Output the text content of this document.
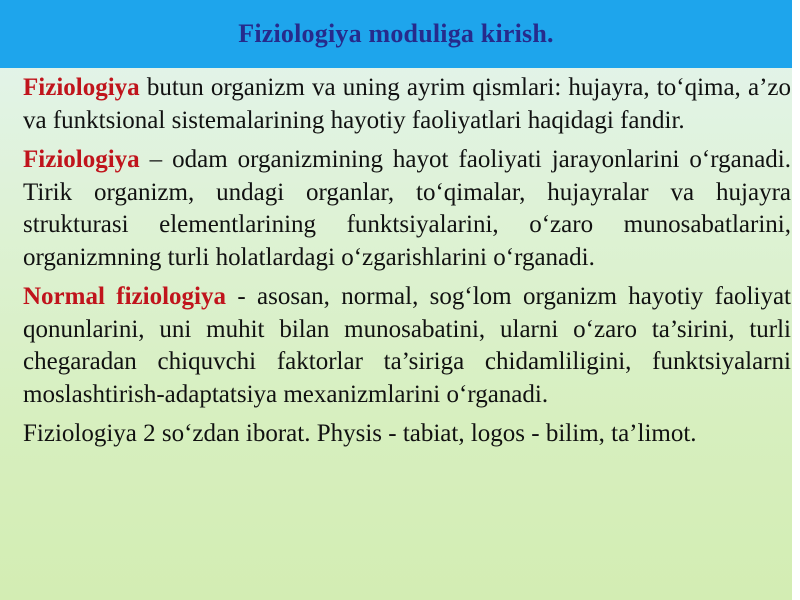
Fiziologiya moduliga kirish.

Fiziologiya butun organizm va uning ayrim qismlari: hujayra, to‘qima, a’zo va funktsional sistemalarining hayotiy faoliyatlari haqidagi fandir.

Fiziologiya – odam organizmining hayot faoliyati jarayonlarini o‘rganadi. Tirik organizm, undagi organlar, to‘qimalar, hujayralar va hujayra strukturasi elementlarining funktsiyalarini, o‘zaro munosabatlarini, organizmning turli holatlardagi o‘zgarishlarini o‘rganadi.

Normal fiziologiya - asosan, normal, sog‘lom organizm hayotiy faoliyat qonunlarini, uni muhit bilan munosabatini, ularni o‘zaro ta’sirini, turli chegaradan chiquvchi faktorlar ta’siriga chidamliligini, funktsiyalarni moslashtirish-adaptatsiya mexanizmlarini o‘rganadi.

Fiziologiya 2 so‘zdan iborat. Physis - tabiat, logos - bilim, ta’limot.
